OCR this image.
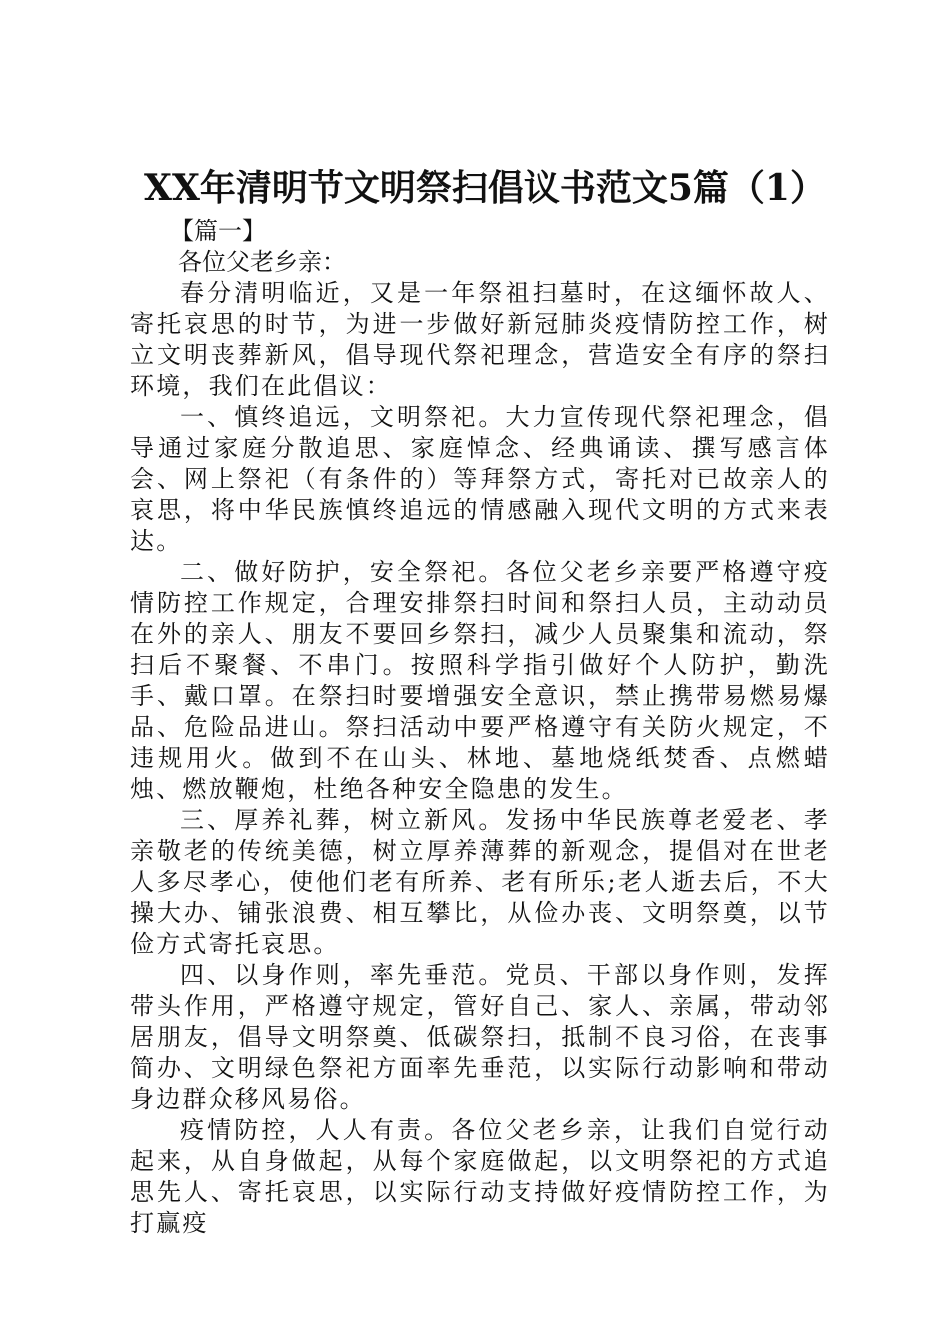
XX年清明节文明祭扫倡议书范文5篇（1）

【篇一】

各位父老乡亲：

春分清明临近，又是一年祭祖扫墓时，在这缅怀故人、寄托哀思的时节，为进一步做好新冠肺炎疫情防控工作，树立文明丧葬新风，倡导现代祭祀理念，营造安全有序的祭扫环境，我们在此倡议：

一、慎终追远，文明祭祀。大力宣传现代祭祀理念，倡导通过家庭分散追思、家庭悼念、经典诵读、撰写感言体会、网上祭祀（有条件的）等拜祭方式，寄托对已故亲人的哀思，将中华民族慎终追远的情感融入现代文明的方式来表达。

二、做好防护，安全祭祀。各位父老乡亲要严格遵守疫情防控工作规定，合理安排祭扫时间和祭扫人员，主动动员在外的亲人、朋友不要回乡祭扫，减少人员聚集和流动，祭扫后不聚餐、不串门。按照科学指引做好个人防护，勤洗手、戴口罩。在祭扫时要增强安全意识，禁止携带易燃易爆品、危险品进山。祭扫活动中要严格遵守有关防火规定，不违规用火。做到不在山头、林地、墓地烧纸焚香、点燃蜡烛、燃放鞭炮，杜绝各种安全隐患的发生。

三、厚养礼葬，树立新风。发扬中华民族尊老爱老、孝亲敬老的传统美德，树立厚养薄葬的新观念，提倡对在世老人多尽孝心，使他们老有所养、老有所乐;老人逝去后，不大操大办、铺张浪费、相互攀比，从俭办丧、文明祭奠，以节俭方式寄托哀思。

四、以身作则，率先垂范。党员、干部以身作则，发挥带头作用，严格遵守规定，管好自己、家人、亲属，带动邻居朋友，倡导文明祭奠、低碳祭扫，抵制不良习俗，在丧事简办、文明绿色祭祀方面率先垂范，以实际行动影响和带动身边群众移风易俗。

疫情防控，人人有责。各位父老乡亲，让我们自觉行动起来，从自身做起，从每个家庭做起，以文明祭祀的方式追思先人、寄托哀思，以实际行动支持做好疫情防控工作，为打赢疫
